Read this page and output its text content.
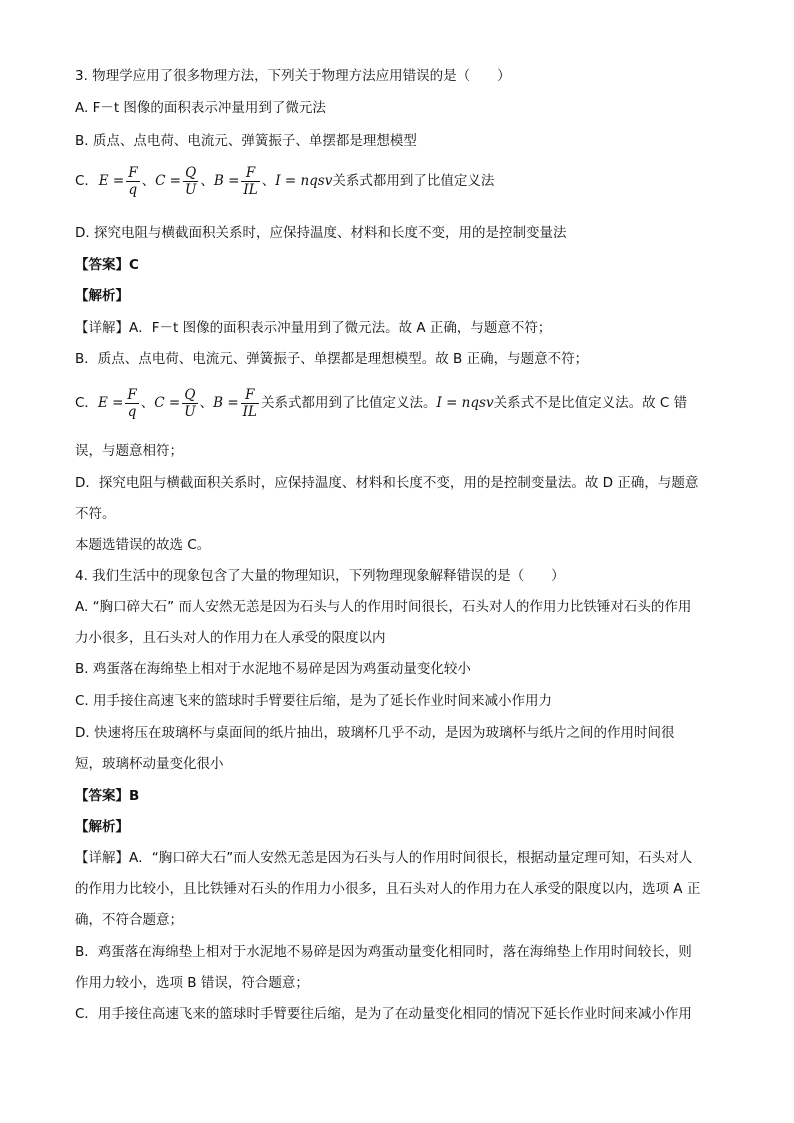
3. 物理学应用了很多物理方法，下列关于物理方法应用错误的是（　　）
A. F－t 图像的面积表示冲量用到了微元法
B. 质点、点电荷、电流元、弹簧振子、单摆都是理想模型
C. $E = \frac{F}{q}$ 、 $C = \frac{Q}{U}$ 、 $B = \frac{F}{IL}$ 、 I = nqsv 关系式都用到了比值定义法
D. 探究电阻与横截面积关系时，应保持温度、材料和长度不变，用的是控制变量法
【答案】C
【解析】
【详解】A．F－t 图像的面积表示冲量用到了微元法。故 A 正确，与题意不符；
B．质点、点电荷、电流元、弹簧振子、单摆都是理想模型。故 B 正确，与题意不符；
C． $E = \frac{F}{q}$ 、 $C = \frac{Q}{U}$ 、 $B = \frac{F}{IL}$ 关系式都用到了比值定义法。 I = nqsv 关系式不是比值定义法。故 C 错
误，与题意相符；
D．探究电阻与横截面积关系时，应保持温度、材料和长度不变，用的是控制变量法。故 D 正确，与题意
不符。
本题选错误的故选 C。
4. 我们生活中的现象包含了大量的物理知识，下列物理现象解释错误的是（　　）
A. “胸口碎大石” 而人安然无恙是因为石头与人的作用时间很长，石头对人的作用力比铁锤对石头的作用
力小很多，且石头对人的作用力在人承受的限度以内
B. 鸡蛋落在海绵垫上相对于水泥地不易碎是因为鸡蛋动量变化较小
C. 用手接住高速飞来的篮球时手臂要往后缩，是为了延长作业时间来减小作用力
D. 快速将压在玻璃杯与桌面间的纸片抽出，玻璃杯几乎不动，是因为玻璃杯与纸片之间的作用时间很
短，玻璃杯动量变化很小
【答案】B
【解析】
【详解】A．“胸口碎大石”而人安然无恙是因为石头与人的作用时间很长，根据动量定理可知，石头对人
的作用力比较小，且比铁锤对石头的作用力小很多，且石头对人的作用力在人承受的限度以内，选项 A 正
确，不符合题意；
B．鸡蛋落在海绵垫上相对于水泥地不易碎是因为鸡蛋动量变化相同时，落在海绵垫上作用时间较长，则
作用力较小，选项 B 错误，符合题意；
C．用手接住高速飞来的篮球时手臂要往后缩，是为了在动量变化相同的情况下延长作业时间来减小作用
